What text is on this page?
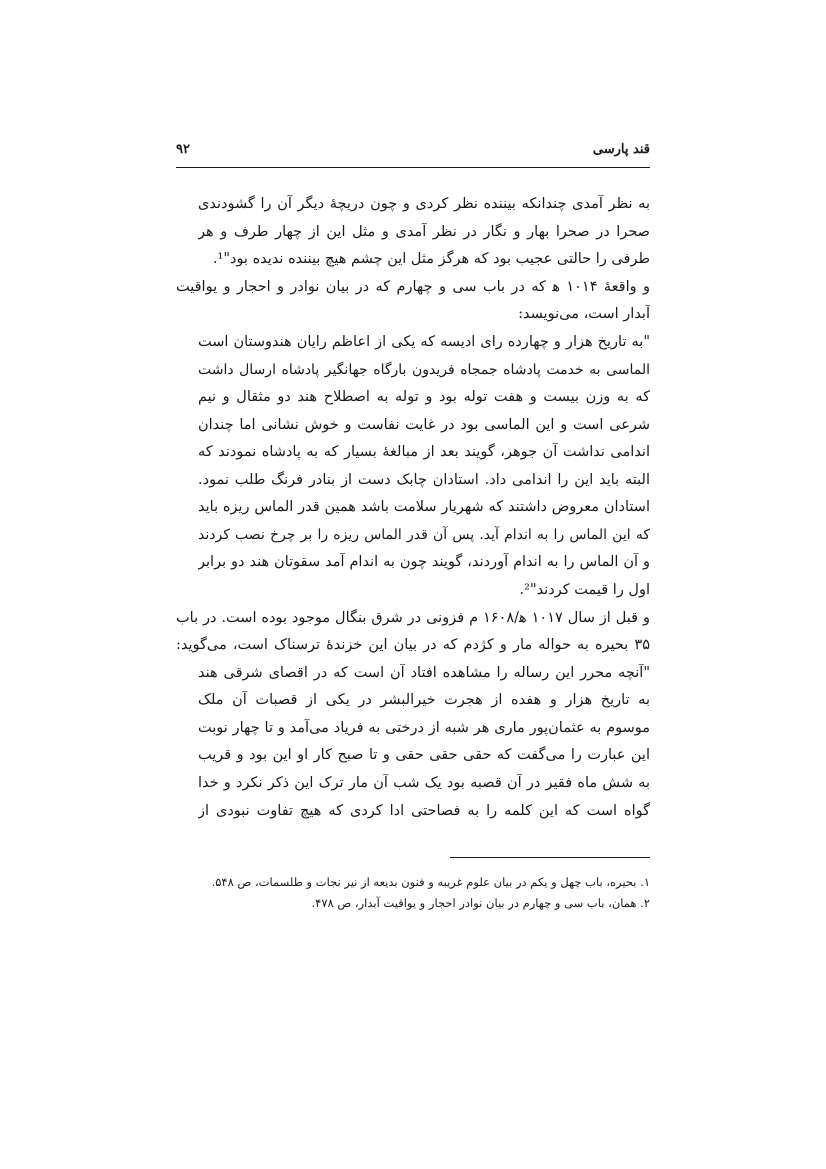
قند پارسی
۹۲
به نظر آمدی چندانکه بیننده نظر کردی و چون دریچهٔ دیگر آن را گشودندی
صحرا در صحرا بهار و نگار در نظر آمدی و مثل این از چهار طرف و هر
طرفی را حالتی عجیب بود که هرگز مثل این چشم هیچ بیننده ندیده بود"¹.
و واقعهٔ ۱۰۱۴ ﻫ که در باب سی و چهارم که در بیان نوادر و احجار و یواقیت
آبدار است، می‌نویسد:
"به تاریخ هزار و چهارده رای ادیسه که یکی از اعاظم رایان هندوستان است
الماسی به خدمت پادشاه جمجاه فریدون بارگاه جهانگیر پادشاه ارسال داشت
که به وزن بیست و هفت توله بود و توله به اصطلاح هند دو مثقال و نیم
شرعی است و این الماسی بود در غایت نفاست و خوش نشانی اما چندان
اندامی نداشت آن جوهر، گویند بعد از مبالغهٔ بسیار که به پادشاه نمودند که
البته باید این را اندامی داد. استادان چابک دست از بنادر فرنگ طلب نمود.
استادان معروض داشتند که شهریار سلامت باشد همین قدر الماس ریزه باید
که این الماس را به اندام آید. پس آن قدر الماس ریزه را بر چرخ نصب کردند
و آن الماس را به اندام آوردند، گویند چون به اندام آمد سقوتان هند دو برابر
اول را قیمت کردند"².
و قبل از سال ۱۰۱۷ ﻫ/۱۶۰۸ م فزونی در شرق بنگال موجود بوده است. در باب
۳۵ بحیره به حواله مار و کژدم که در بیان این خزندهٔ ترسناک است، می‌گوید:
"آنچه محرر این رساله را مشاهده افتاد آن است که در اقصای شرقی هند
به تاریخ هزار و هفده از هجرت خیرالبشر در یکی از قصبات آن ملک
موسوم به عثمان‌پور ماری هر شبه از درختی به فریاد می‌آمد و تا چهار نوبت
این عبارت را می‌گفت که حقی حقی حقی و تا صبح کار او این بود و قریب
به شش ماه فقیر در آن قصبه بود یک شب آن مار ترک این ذکر نکرد و خدا
گواه است که این کلمه را به فصاحتی ادا کردی که هیچ تفاوت نبودی از
۱. بحیره، باب چهل و یکم در بیان علوم غریبه و فنون بدیعه از نیر نجات و طلسمات، ص ۵۴۸.
۲. همان، باب سی و چهارم در بیان نوادر احجار و یواقیت آبدار، ص ۴۷۸.
